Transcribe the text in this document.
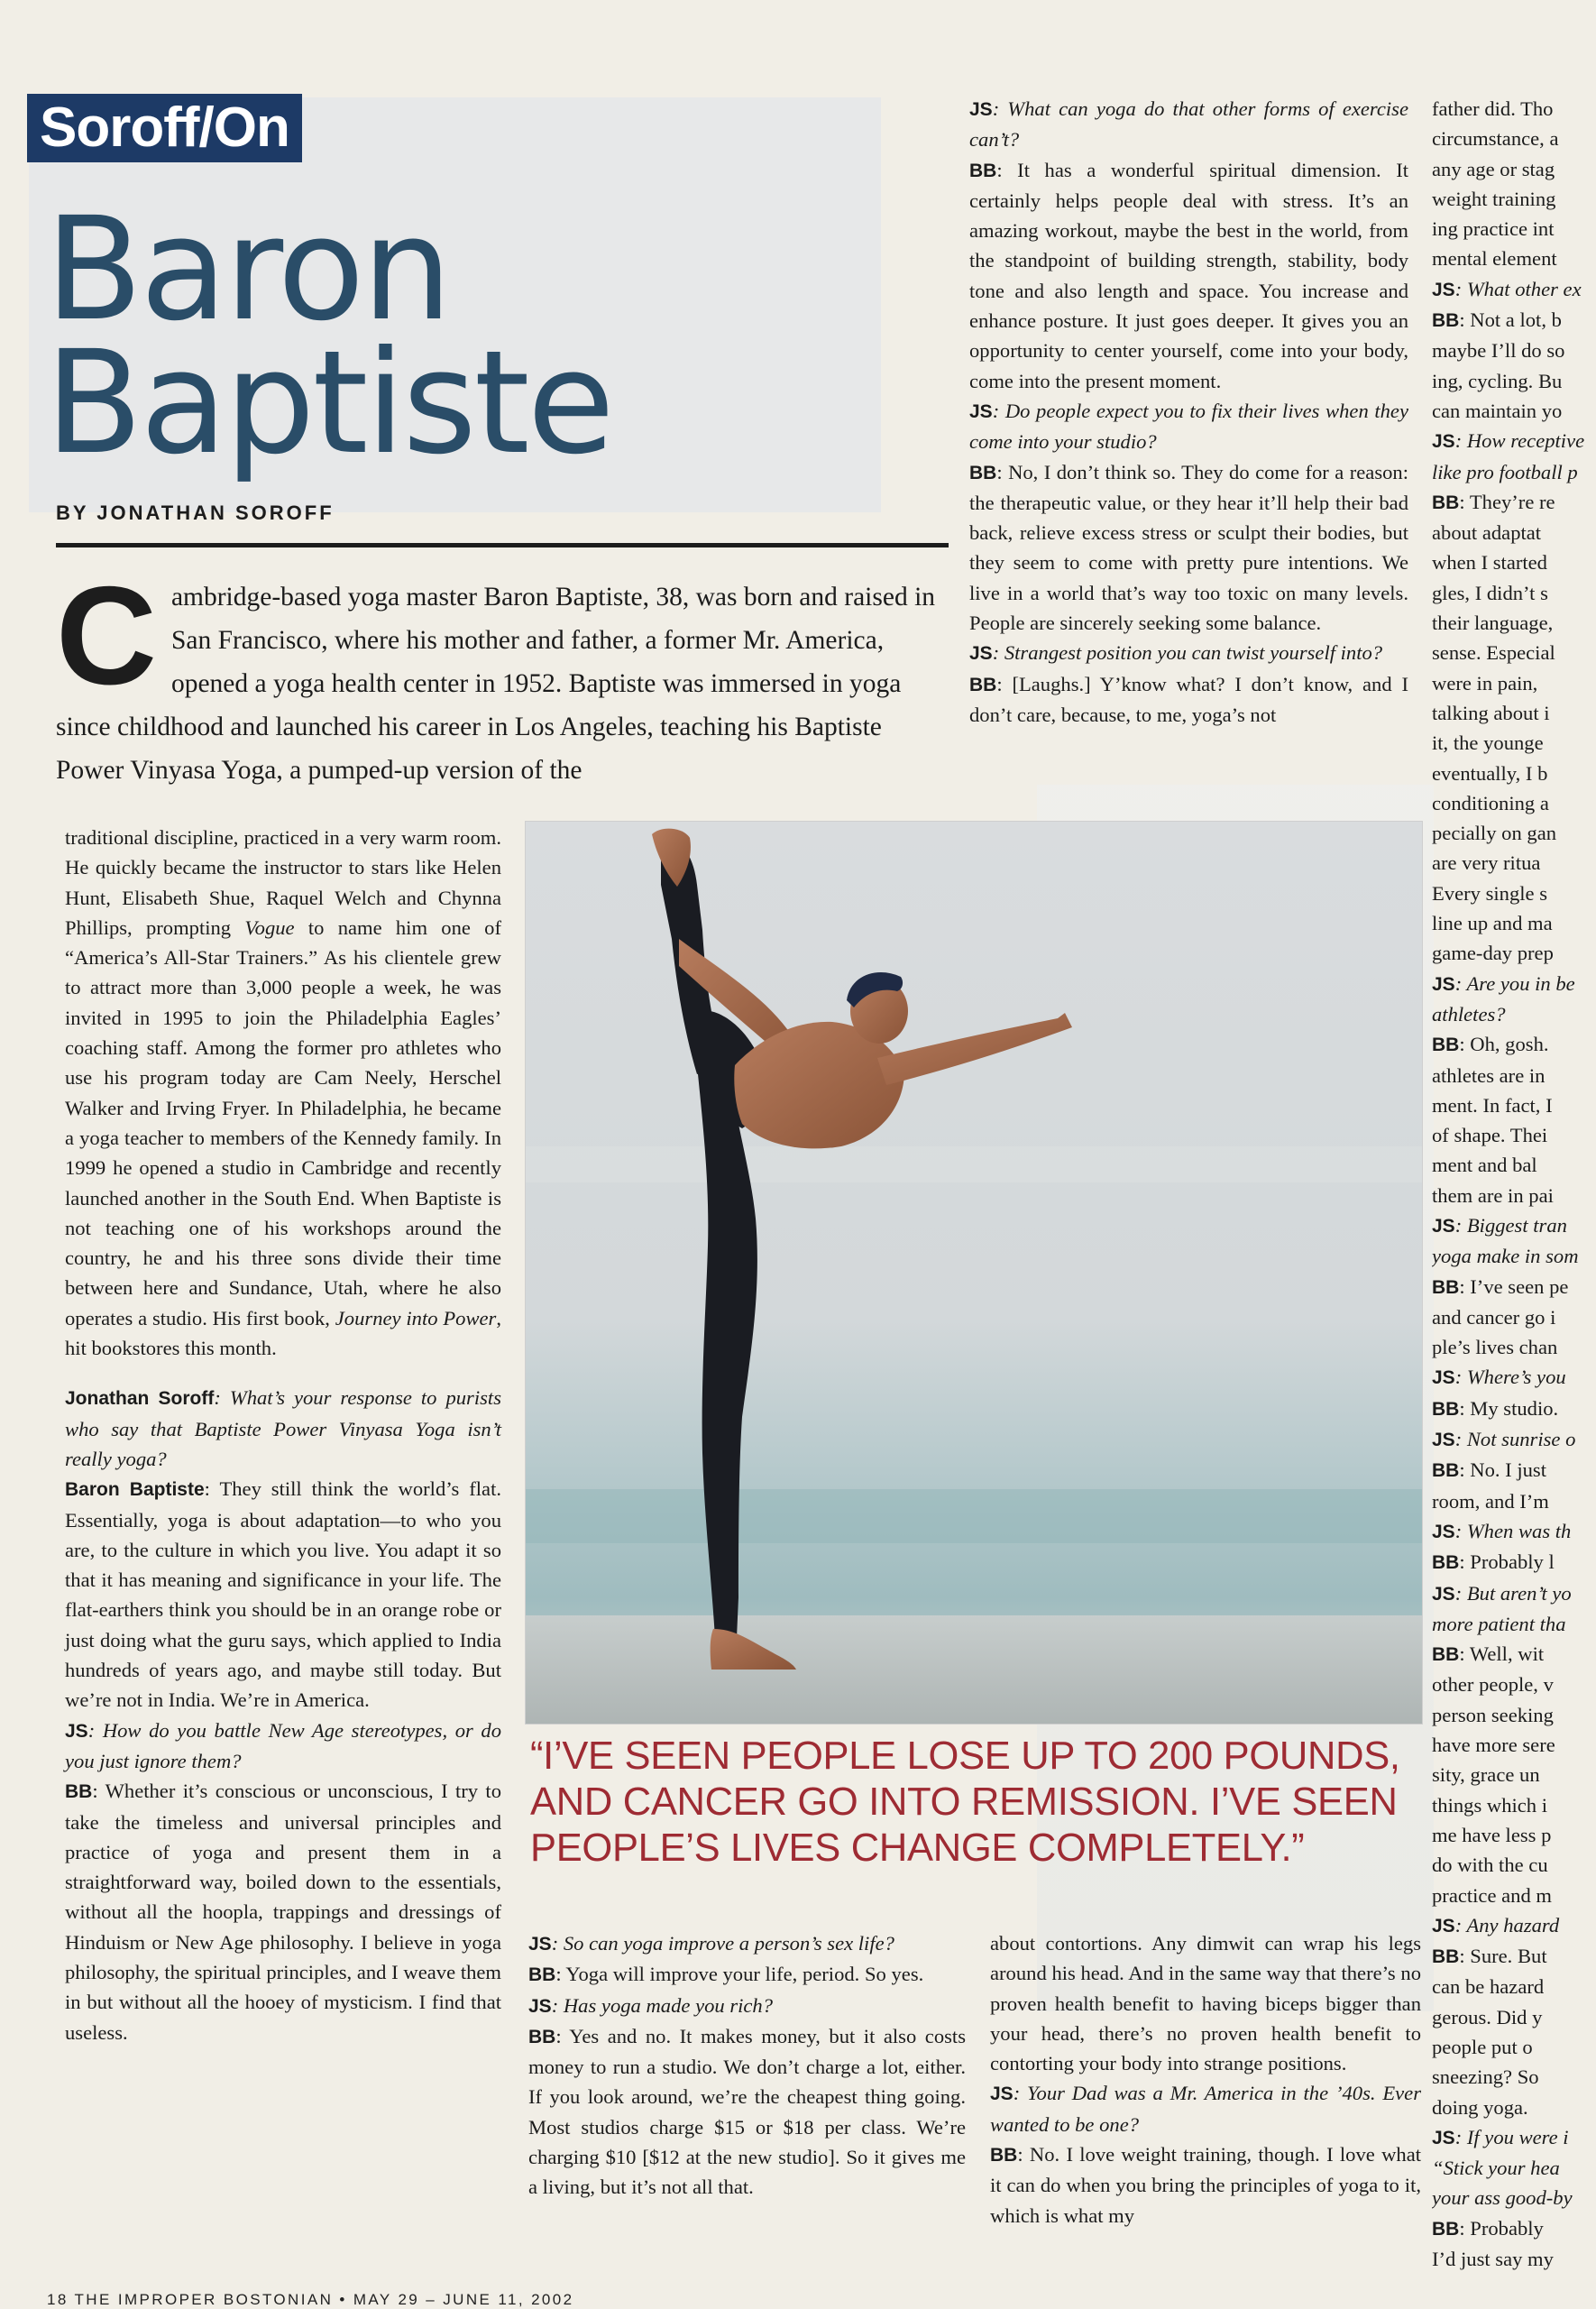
Soroff/On
Baron
Baptiste
BY JONATHAN SOROFF

Cambridge-based yoga master Baron Baptiste, 38, was born and raised in San Francisco, where his mother and father, a former Mr. America, opened a yoga health center in 1952. Baptiste was immersed in yoga since childhood and launched his career in Los Angeles, teaching his Baptiste Power Vinyasa Yoga, a pumped-up version of the

traditional discipline, practiced in a very warm room. He quickly became the instructor to stars like Helen Hunt, Elisabeth Shue, Raquel Welch and Chynna Phillips, prompting Vogue to name him one of “America’s All-Star Trainers.” As his clientele grew to attract more than 3,000 people a week, he was invited in 1995 to join the Philadelphia Eagles’ coaching staff. Among the former pro athletes who use his program today are Cam Neely, Herschel Walker and Irving Fryer. In Philadelphia, he became a yoga teacher to members of the Kennedy family. In 1999 he opened a studio in Cambridge and recently launched another in the South End. When Baptiste is not teaching one of his workshops around the country, he and his three sons divide their time between here and Sundance, Utah, where he also operates a studio. His first book, Journey into Power, hit bookstores this month.

Jonathan Soroff: What’s your response to purists who say that Baptiste Power Vinyasa Yoga isn’t really yoga?

Baron Baptiste: They still think the world’s flat. Essentially, yoga is about adaptation—to who you are, to the culture in which you live. You adapt it so that it has meaning and significance in your life. The flat-earthers think you should be in an orange robe or just doing what the guru says, which applied to India hundreds of years ago, and maybe still today. But we’re not in India. We’re in America.

JS: How do you battle New Age stereotypes, or do you just ignore them?

BB: Whether it’s conscious or unconscious, I try to take the timeless and universal principles and practice of yoga and present them in a straightforward way, boiled down to the essentials, without all the hoopla, trappings and dressings of Hinduism or New Age philosophy. I believe in yoga philosophy, the spiritual principles, and I weave them in but without all the hooey of mysticism. I find that useless.

JS: What can yoga do that other forms of exercise can’t?

BB: It has a wonderful spiritual dimension. It certainly helps people deal with stress. It’s an amazing workout, maybe the best in the world, from the standpoint of building strength, stability, body tone and also length and space. You increase and enhance posture. It just goes deeper. It gives you an opportunity to center yourself, come into your body, come into the present moment.

JS: Do people expect you to fix their lives when they come into your studio?

BB: No, I don’t think so. They do come for a reason: the therapeutic value, or they hear it’ll help their bad back, relieve excess stress or sculpt their bodies, but they seem to come with pretty pure intentions. We live in a world that’s way too toxic on many levels. People are sincerely seeking some balance.

JS: Strangest position you can twist yourself into?

BB: [Laughs.] Y’know what? I don’t know, and I don’t care, because, to me, yoga’s not

father did. Tho

circumstance, a

any age or stag

weight training

ing practice int

mental element

JS: What other ex

BB: Not a lot, b

maybe I’ll do so

ing, cycling. Bu

can maintain yo

JS: How receptive

like pro football p

BB: They’re re

about adaptat

when I started

gles, I didn’t s

their language,

sense. Especial

were in pain,

talking about i

it, the younge

eventually, I b

conditioning a

pecially on gan

are very ritua

Every single s

line up and ma

game-day prep

JS: Are you in be

athletes?

BB: Oh, gosh.

athletes are in

ment. In fact, I

of shape. Thei

ment and bal

them are in pai

JS: Biggest tran

yoga make in som

BB: I’ve seen pe

and cancer go i

ple’s lives chan

JS: Where’s you

BB: My studio.

JS: Not sunrise o

BB: No. I just

room, and I’m

JS: When was th

BB: Probably l

JS: But aren’t yo

more patient tha

BB: Well, wit

other people, v

person seeking

have more sere

sity, grace un

things which i

me have less p

do with the cu

practice and m

JS: Any hazard

BB: Sure. But

can be hazard

gerous. Did y

people put o

sneezing? So

doing yoga.

JS: If you were i

“Stick your hea

your ass good-by

BB: Probably

I’d just say my

“I’VE SEEN PEOPLE LOSE UP TO 200 POUNDS, AND CANCER GO INTO REMISSION. I’VE SEEN PEOPLE’S LIVES CHANGE COMPLETELY.”

JS: So can yoga improve a person’s sex life?

BB: Yoga will improve your life, period. So yes.

JS: Has yoga made you rich?

BB: Yes and no. It makes money, but it also costs money to run a studio. We don’t charge a lot, either. If you look around, we’re the cheapest thing going. Most studios charge $15 or $18 per class. We’re charging $10 [$12 at the new studio]. So it gives me a living, but it’s not all that.

about contortions. Any dimwit can wrap his legs around his head. And in the same way that there’s no proven health benefit to having biceps bigger than your head, there’s no proven health benefit to contorting your body into strange positions.

JS: Your Dad was a Mr. America in the ’40s. Ever wanted to be one?

BB: No. I love weight training, though. I love what it can do when you bring the principles of yoga to it, which is what my

18 THE IMPROPER BOSTONIAN • MAY 29 – JUNE 11, 2002
